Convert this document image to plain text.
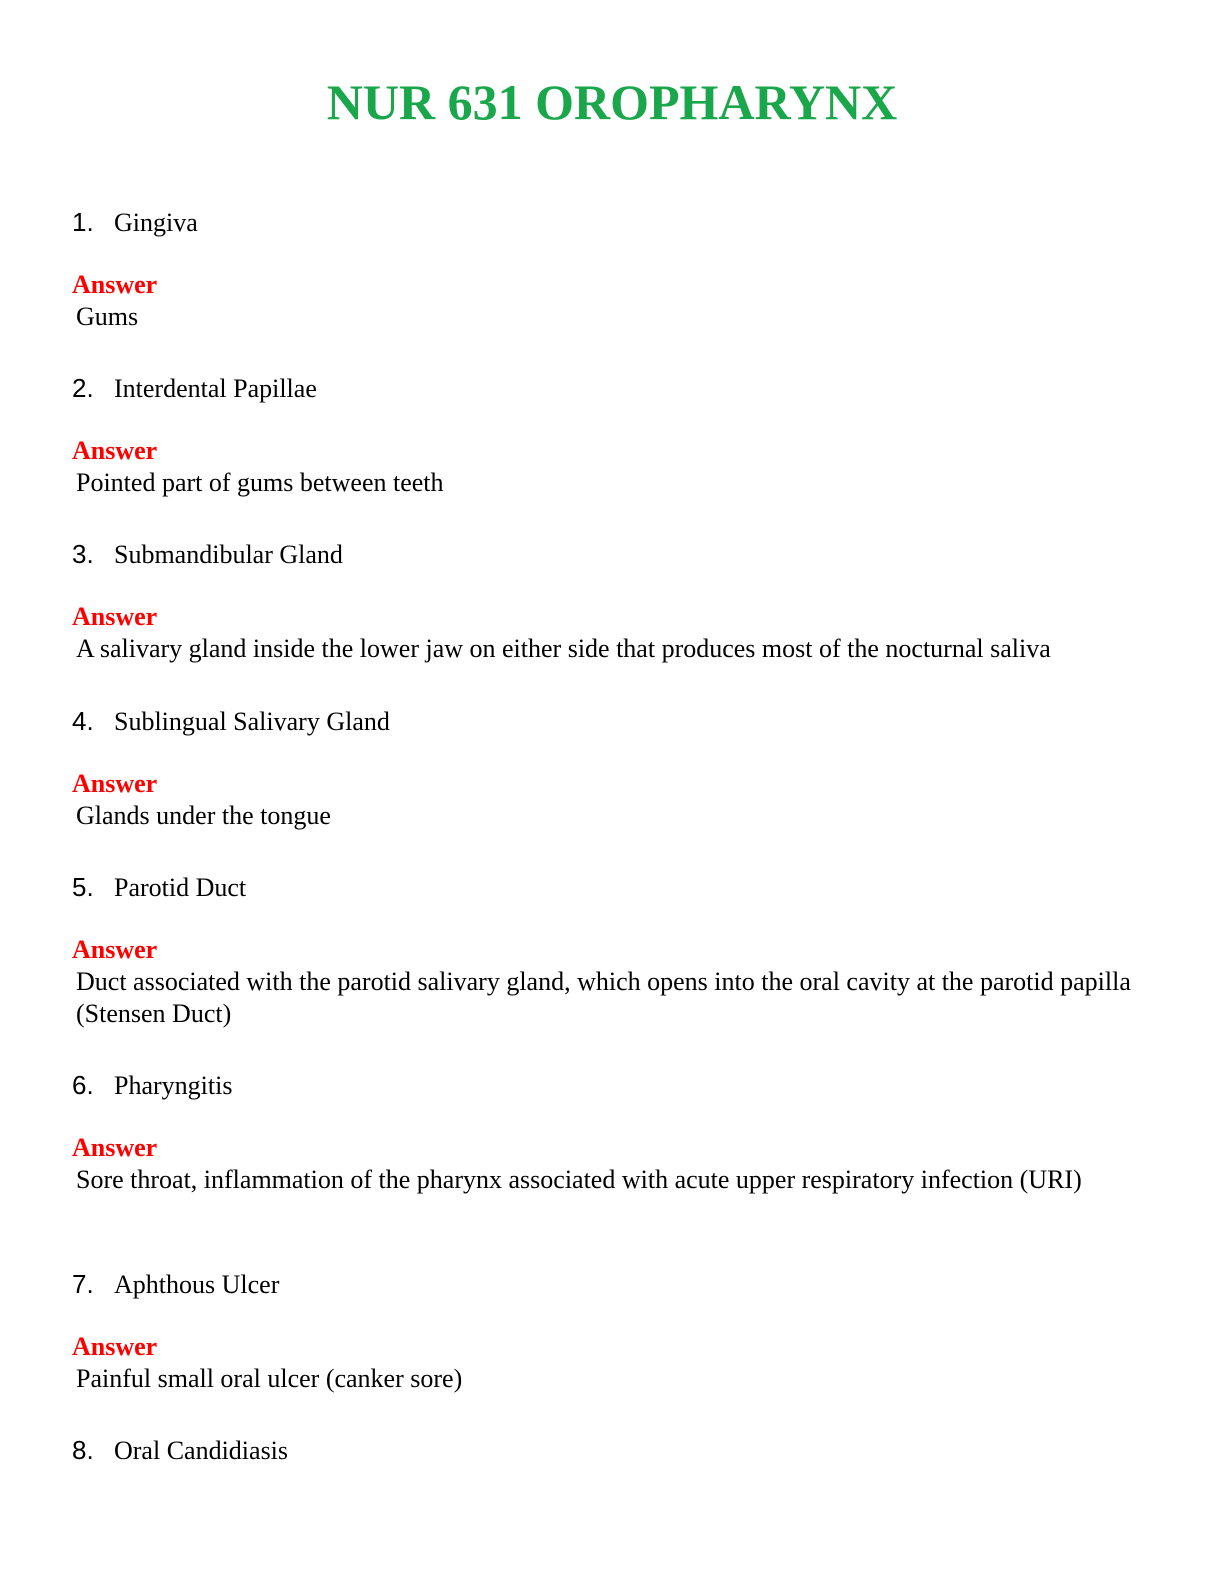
NUR 631 OROPHARYNX
1. Gingiva
Answer
Gums
2. Interdental Papillae
Answer
Pointed part of gums between teeth
3. Submandibular Gland
Answer
A salivary gland inside the lower jaw on either side that produces most of the nocturnal saliva
4. Sublingual Salivary Gland
Answer
Glands under the tongue
5. Parotid Duct
Answer
Duct associated with the parotid salivary gland, which opens into the oral cavity at the parotid papilla (Stensen Duct)
6. Pharyngitis
Answer
Sore throat, inflammation of the pharynx associated with acute upper respiratory infection (URI)
7. Aphthous Ulcer
Answer
Painful small oral ulcer (canker sore)
8. Oral Candidiasis
